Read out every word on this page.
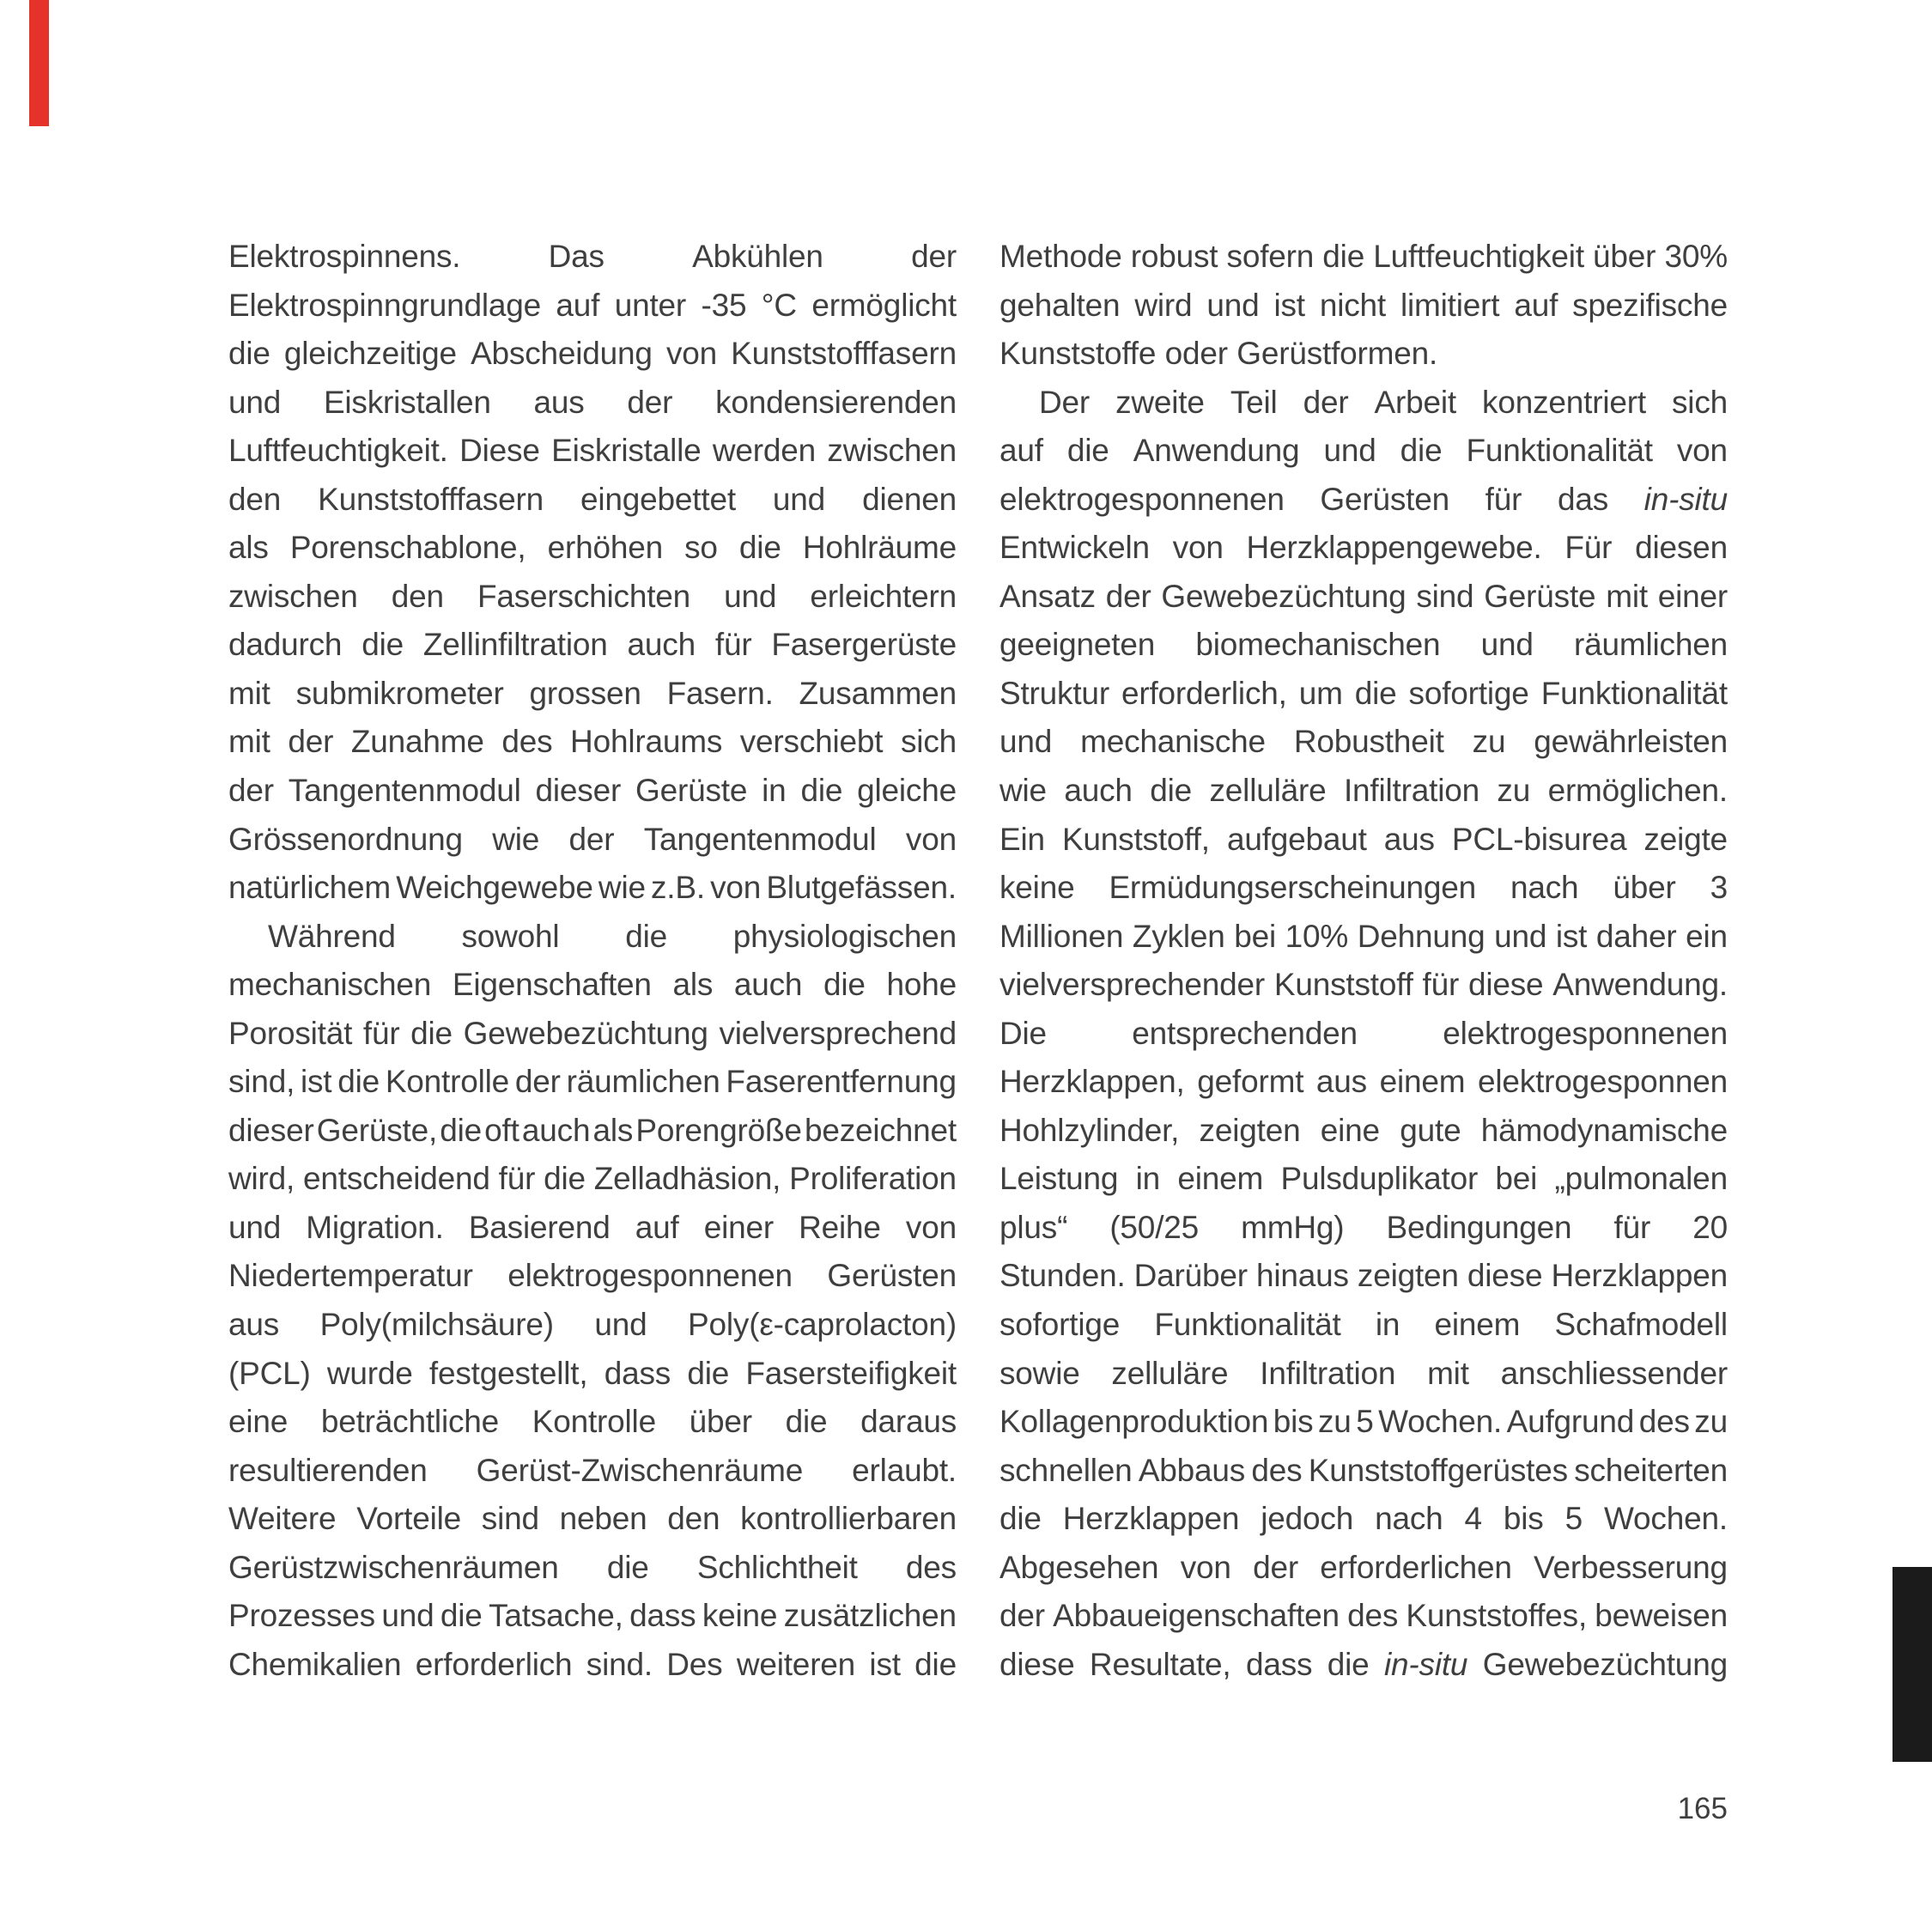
Elektrospinnens.	Das	Abkühlen	der
Elektrospinngrundlage auf unter -35 °C ermöglicht
die gleichzeitige Abscheidung von Kunststofffasern
und Eiskristallen aus der kondensierenden
Luftfeuchtigkeit. Diese Eiskristalle werden zwischen
den Kunststofffasern eingebettet und dienen
als Porenschablone, erhöhen so die Hohlräume
zwischen den Faserschichten und erleichtern
dadurch die Zellinfiltration auch für Fasergerüste
mit submikrometer grossen Fasern. Zusammen
mit der Zunahme des Hohlraums verschiebt sich
der Tangentenmodul dieser Gerüste in die gleiche
Grössenordnung wie der Tangentenmodul von
natürlichem Weichgewebe wie z.B. von Blutgefässen.
Während sowohl die physiologischen
mechanischen Eigenschaften als auch die hohe
Porosität für die Gewebezüchtung vielversprechend
sind, ist die Kontrolle der räumlichen Faserentfernung
dieser Gerüste, die oft auch als Porengröße bezeichnet
wird, entscheidend für die Zelladhäsion, Proliferation
und Migration. Basierend auf einer Reihe von
Niedertemperatur elektrogesponnenen Gerüsten
aus Poly(milchsäure) und Poly(ε-caprolacton)
(PCL) wurde festgestellt, dass die Fasersteifigkeit
eine beträchtliche Kontrolle über die daraus
resultierenden Gerüst-Zwischenräume erlaubt.
Weitere Vorteile sind neben den kontrollierbaren
Gerüstzwischenräumen die Schlichtheit des
Prozesses und die Tatsache, dass keine zusätzlichen
Chemikalien erforderlich sind. Des weiteren ist die
Methode robust sofern die Luftfeuchtigkeit über 30%
gehalten wird und ist nicht limitiert auf spezifische
Kunststoffe oder Gerüstformen.
Der zweite Teil der Arbeit konzentriert sich
auf die Anwendung und die Funktionalität von
elektrogesponnenen Gerüsten für das in-situ
Entwickeln von Herzklappengewebe. Für diesen
Ansatz der Gewebezüchtung sind Gerüste mit einer
geeigneten biomechanischen und räumlichen
Struktur erforderlich, um die sofortige Funktionalität
und mechanische Robustheit zu gewährleisten
wie auch die zelluläre Infiltration zu ermöglichen.
Ein Kunststoff, aufgebaut aus PCL-bisurea zeigte
keine Ermüdungserscheinungen nach über 3
Millionen Zyklen bei 10% Dehnung und ist daher ein
vielversprechender Kunststoff für diese Anwendung.
Die	entsprechenden	elektrogesponnenen
Herzklappen, geformt aus einem elektrogesponnen
Hohlzylinder, zeigten eine gute hämodynamische
Leistung in einem Pulsduplikator bei „pulmonalen
plus“ (50/25 mmHg) Bedingungen für 20
Stunden. Darüber hinaus zeigten diese Herzklappen
sofortige Funktionalität in einem Schafmodell
sowie zelluläre Infiltration mit anschliessender
Kollagenproduktion bis zu 5 Wochen. Aufgrund des zu
schnellen Abbaus des Kunststoffgerüstes scheiterten
die Herzklappen jedoch nach 4 bis 5 Wochen.
Abgesehen von der erforderlichen Verbesserung
der Abbaueigenschaften des Kunststoffes, beweisen
diese Resultate, dass die in-situ Gewebezüchtung
165
